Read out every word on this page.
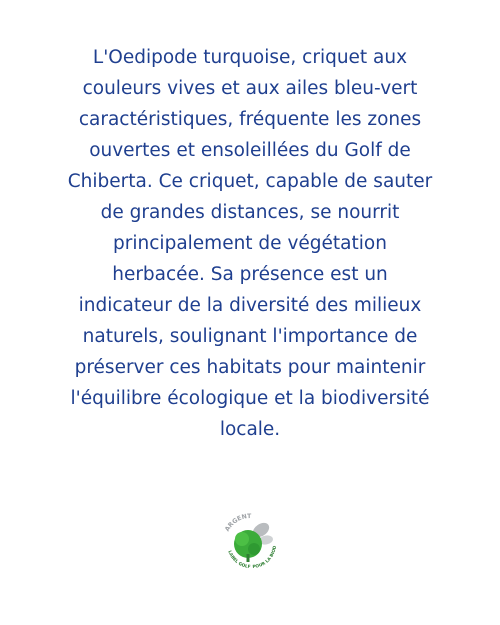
L'Oedipode turquoise, criquet aux
couleurs vives et aux ailes bleu-vert
caractéristiques, fréquente les zones
ouvertes et ensoleillées du Golf de
Chiberta. Ce criquet, capable de sauter
de grandes distances, se nourrit
principalement de végétation
herbacée. Sa présence est un
indicateur de la diversité des milieux
naturels, soulignant l'importance de
préserver ces habitats pour maintenir
l'équilibre écologique et la biodiversité
locale.

ARGENT
LABEL GOLF POUR LA BIOD
